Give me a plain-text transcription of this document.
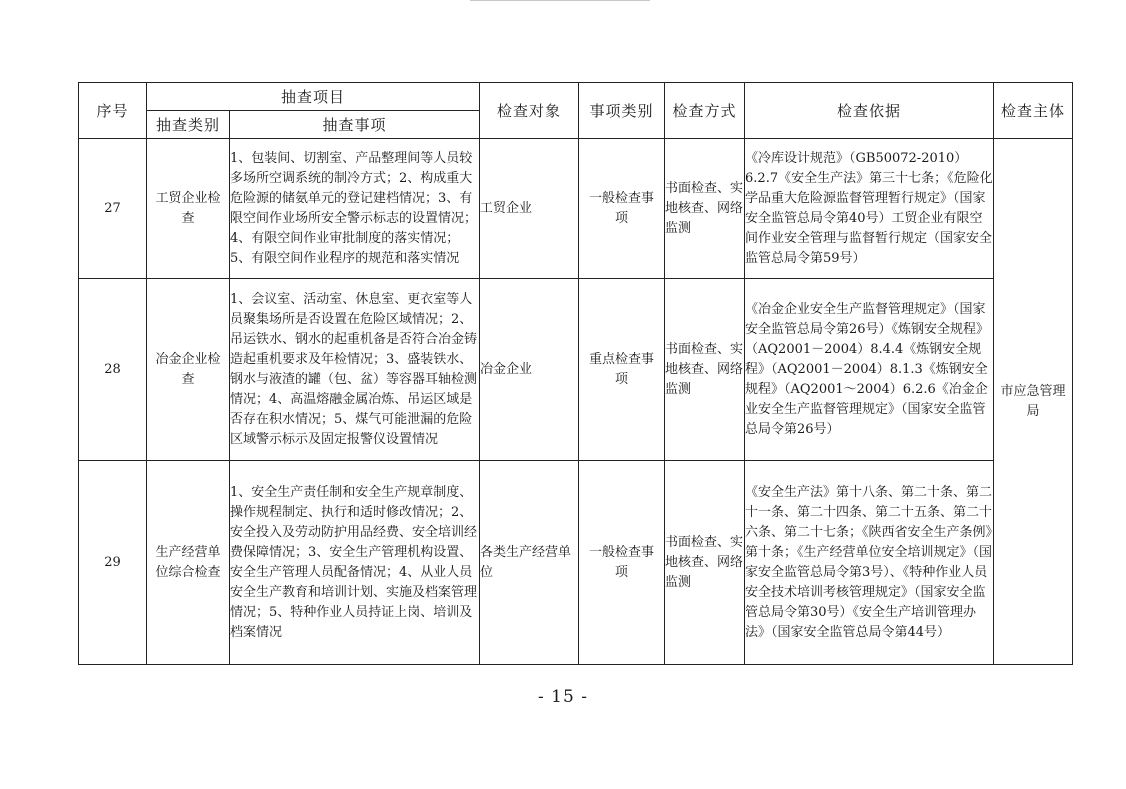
序号	抽查项目		检查对象	事项类别	检查方式	检查依据	检查主体
	抽查类别	抽查事项					
27	工贸企业检查	1、包装间、切割室、产品整理间等人员较多场所空调系统的制冷方式；2、构成重大危险源的储氨单元的登记建档情况；3、有限空间作业场所安全警示标志的设置情况；4、有限空间作业审批制度的落实情况；5、有限空间作业程序的规范和落实情况	工贸企业	一般检查事项	书面检查、实地核查、网络监测	《冷库设计规范》（GB50072-2010）6.2.7《安全生产法》第三十七条；《危险化学品重大危险源监督管理暂行规定》（国家安全监管总局令第40号）工贸企业有限空间作业安全管理与监督暂行规定（国家安全监管总局令第59号）	市应急管理局

28	冶金企业检查	1、会议室、活动室、休息室、更衣室等人员聚集场所是否设置在危险区域情况；2、吊运铁水、钢水的起重机备是否符合冶金铸造起重机要求及年检情况；3、盛装铁水、钢水与液渣的罐（包、盆）等容器耳轴检测情况；4、高温熔融金属冶炼、吊运区域是否存在积水情况；5、煤气可能泄漏的危险区域警示标示及固定报警仪设置情况	冶金企业	重点检查事项	书面检查、实地核查、网络监测	《冶金企业安全生产监督管理规定》（国家安全监管总局令第26号）《炼钢安全规程》（AQ2001－2004）8.4.4《炼钢安全规程》（AQ2001－2004）8.1.3《炼钢安全规程》（AQ2001～2004）6.2.6《冶金企业安全生产监督管理规定》（国家安全监管总局令第26号）	
29	生产经营单位综合检查	1、安全生产责任制和安全生产规章制度、操作规程制定、执行和适时修改情况；2、安全投入及劳动防护用品经费、安全培训经费保障情况；3、安全生产管理机构设置、安全生产管理人员配备情况；4、从业人员安全生产教育和培训计划、实施及档案管理情况；5、特种作业人员持证上岗、培训及档案情况	各类生产经营单位	一般检查事项	书面检查、实地核查、网络监测	《安全生产法》第十八条、第二十条、第二十一条、第二十四条、第二十五条、第二十六条、第二十七条；《陕西省安全生产条例》第十条；《生产经营单位安全培训规定》（国家安全监管总局令第3号）、《特种作业人员安全技术培训考核管理规定》（国家安全监管总局令第30号）《安全生产培训管理办法》（国家安全监管总局令第44号）	
- 15 -
